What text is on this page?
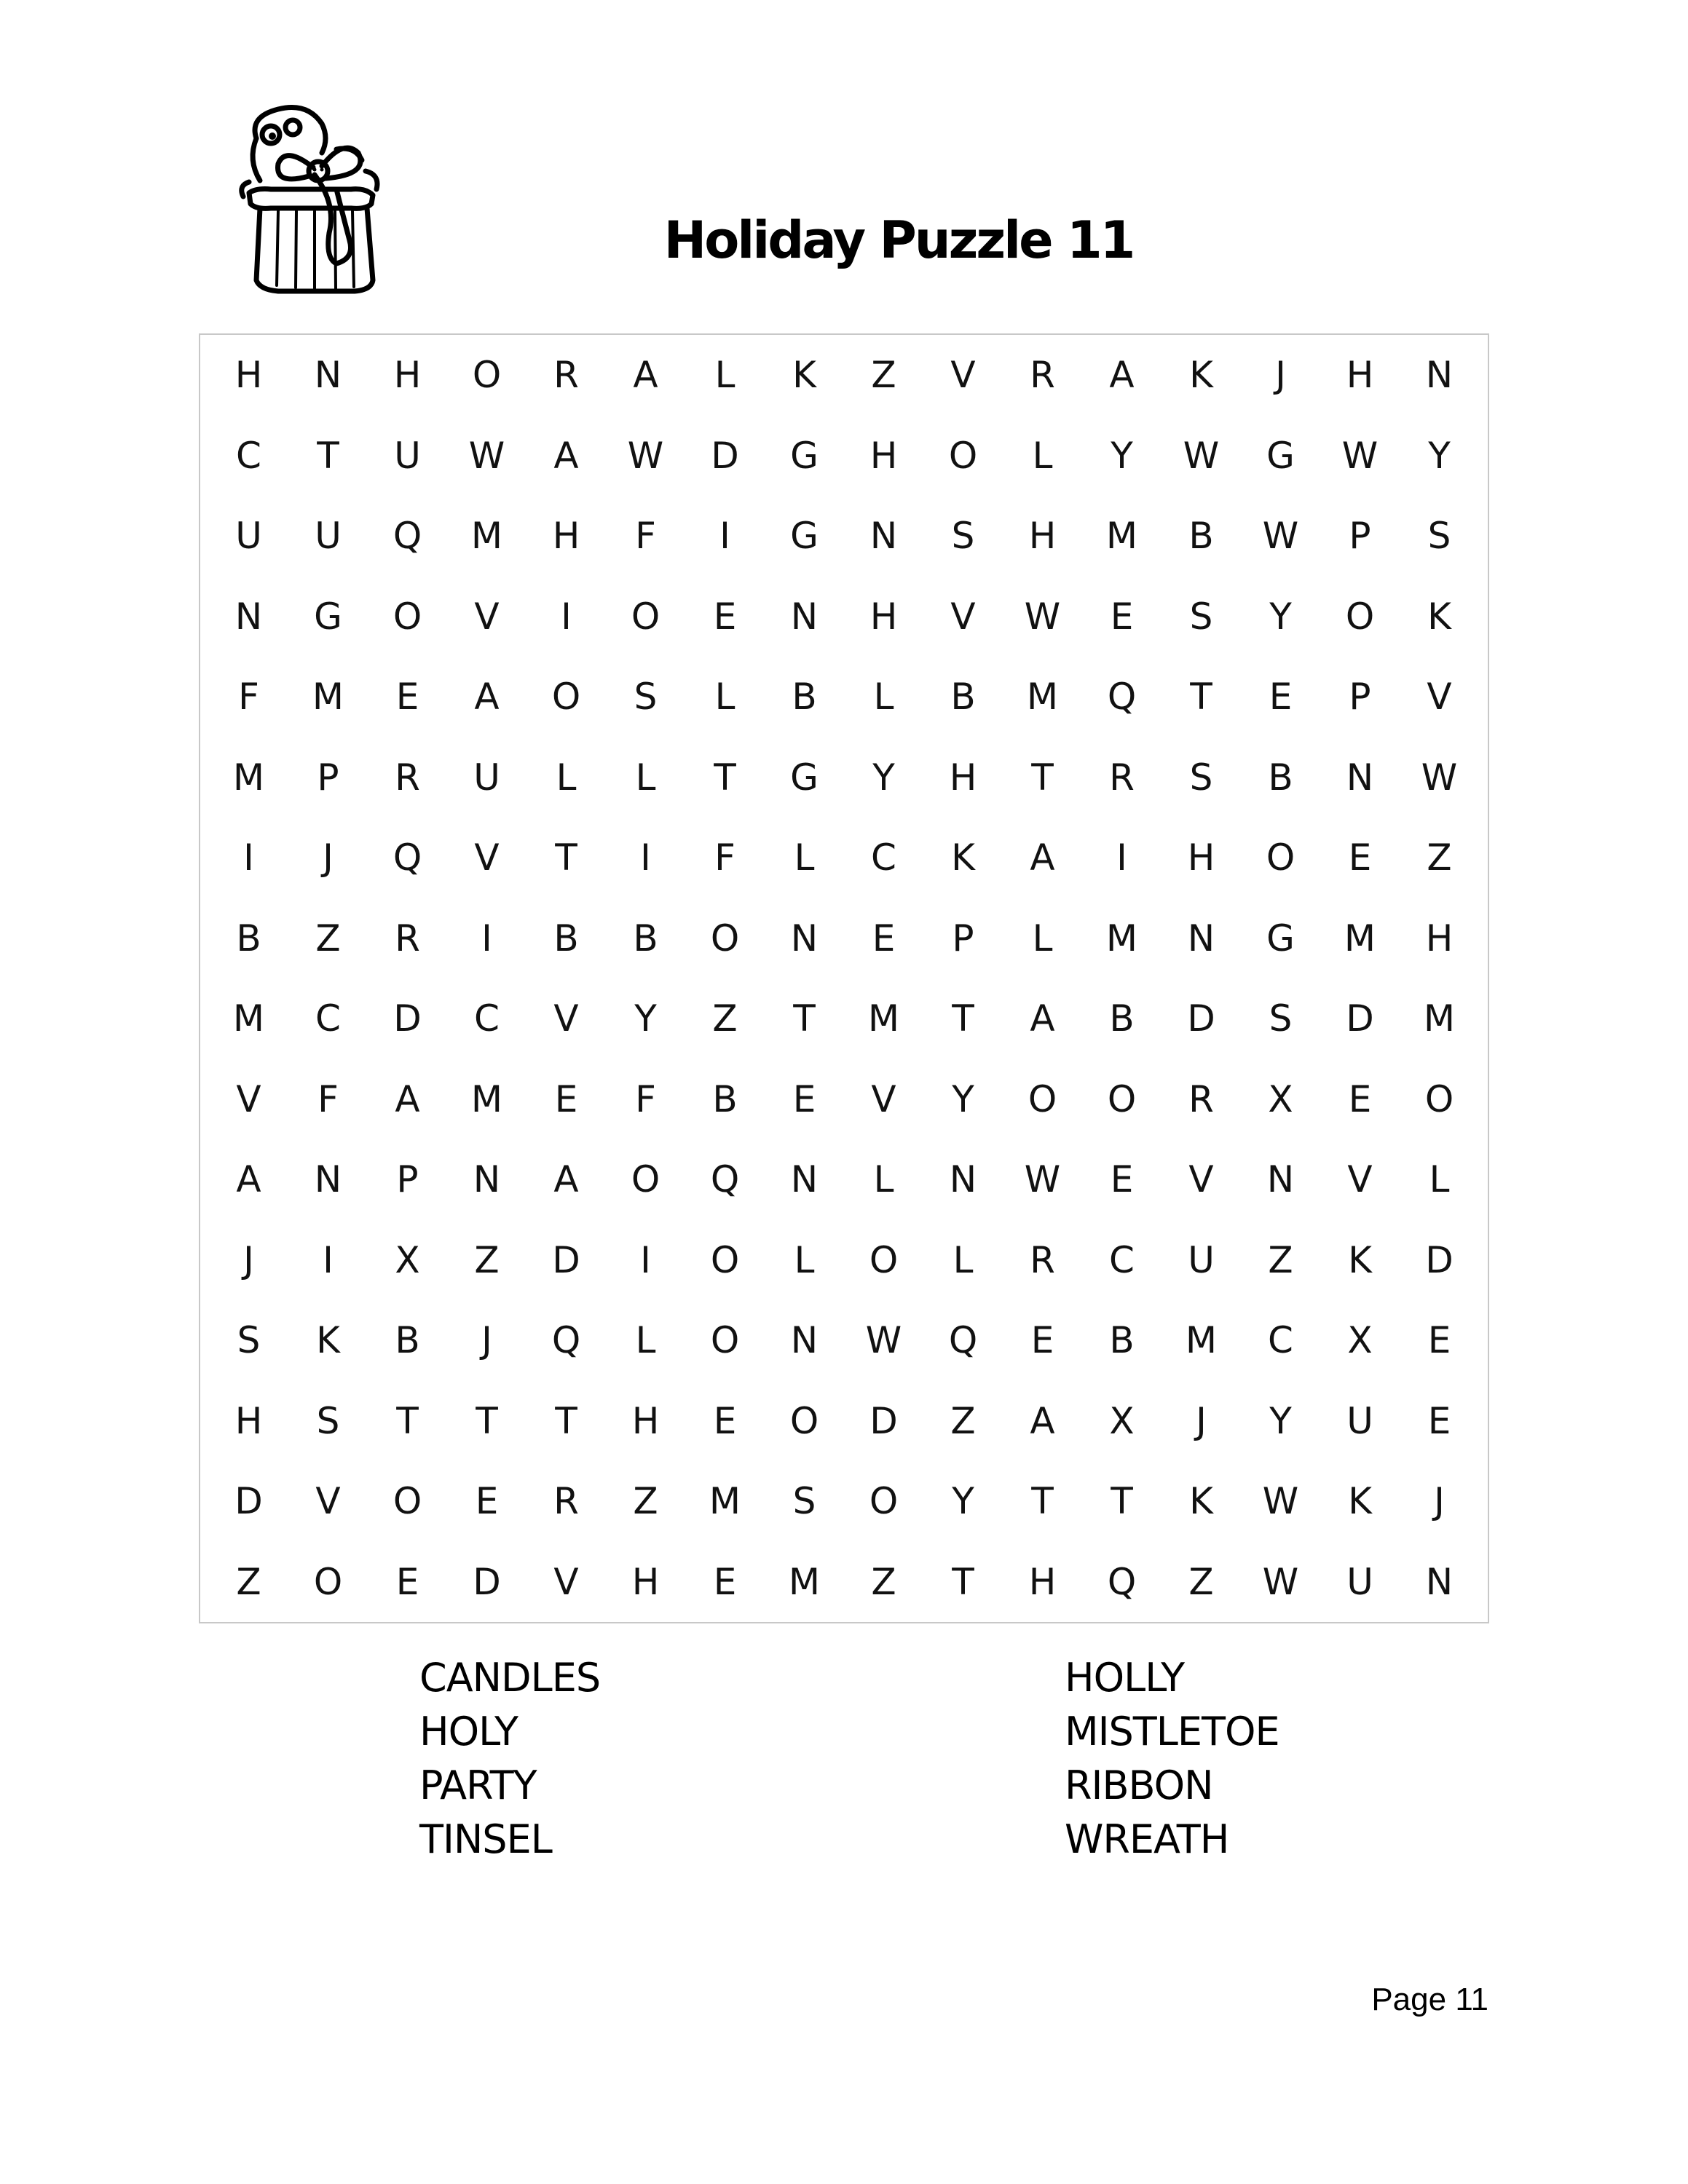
Holiday Puzzle 11
H	N	H	O	R	A	L	K	Z	V	R	A	K	J	H	N
C	T	U	W	A	W	D	G	H	O	L	Y	W	G	W	Y
U	U	Q	M	H	F	I	G	N	S	H	M	B	W	P	S
N	G	O	V	I	O	E	N	H	V	W	E	S	Y	O	K
F	M	E	A	O	S	L	B	L	B	M	Q	T	E	P	V
M	P	R	U	L	L	T	G	Y	H	T	R	S	B	N	W
I	J	Q	V	T	I	F	L	C	K	A	I	H	O	E	Z
B	Z	R	I	B	B	O	N	E	P	L	M	N	G	M	H
M	C	D	C	V	Y	Z	T	M	T	A	B	D	S	D	M
V	F	A	M	E	F	B	E	V	Y	O	O	R	X	E	O
A	N	P	N	A	O	Q	N	L	N	W	E	V	N	V	L
J	I	X	Z	D	I	O	L	O	L	R	C	U	Z	K	D
S	K	B	J	Q	L	O	N	W	Q	E	B	M	C	X	E
H	S	T	T	T	H	E	O	D	Z	A	X	J	Y	U	E
D	V	O	E	R	Z	M	S	O	Y	T	T	K	W	K	J
Z	O	E	D	V	H	E	M	Z	T	H	Q	Z	W	U	N
CANDLES
HOLY
PARTY
TINSEL
HOLLY
MISTLETOE
RIBBON
WREATH
Page 11
